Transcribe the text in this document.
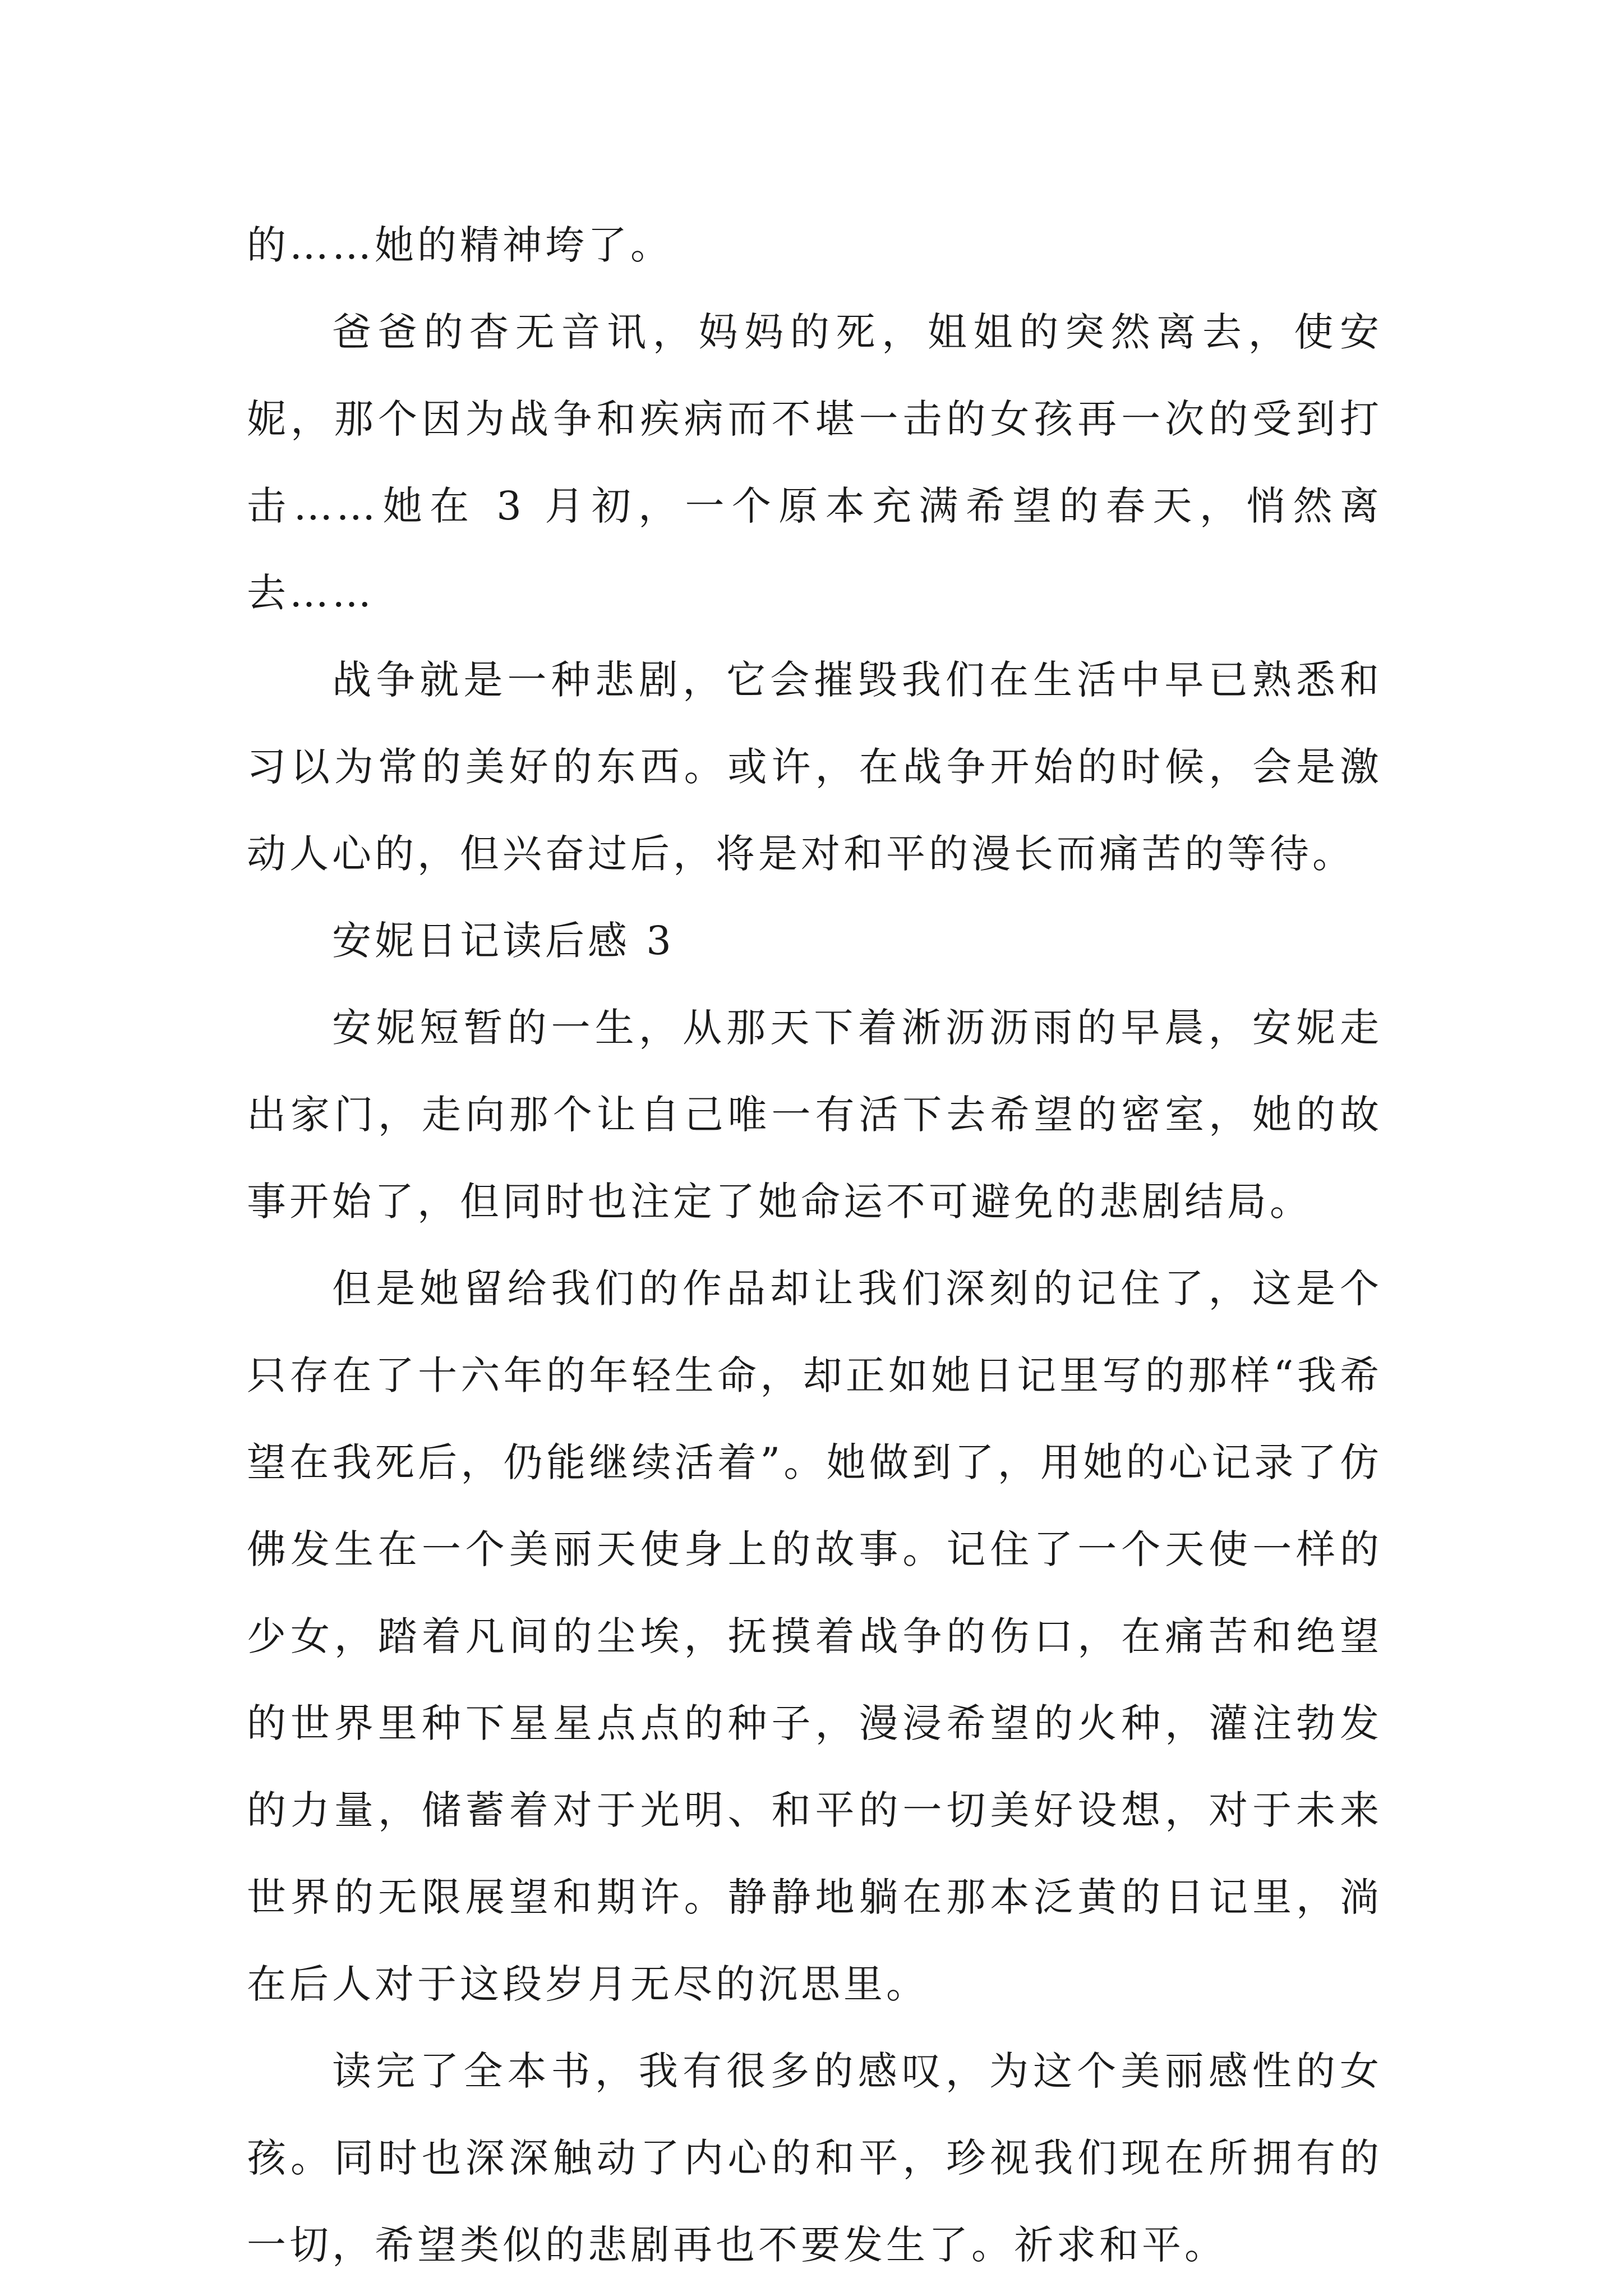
的……她的精神垮了。

爸爸的杳无音讯，妈妈的死，姐姐的突然离去，使安妮，那个因为战争和疾病而不堪一击的女孩再一次的受到打击……她在 3 月初，一个原本充满希望的春天，悄然离去……

战争就是一种悲剧，它会摧毁我们在生活中早已熟悉和习以为常的美好的东西。或许，在战争开始的时候，会是激动人心的，但兴奋过后，将是对和平的漫长而痛苦的等待。

安妮日记读后感 3

安妮短暂的一生，从那天下着淅沥沥雨的早晨，安妮走出家门，走向那个让自己唯一有活下去希望的密室，她的故事开始了，但同时也注定了她命运不可避免的悲剧结局。

但是她留给我们的作品却让我们深刻的记住了，这是个只存在了十六年的年轻生命，却正如她日记里写的那样“我希望在我死后，仍能继续活着”。她做到了，用她的心记录了仿佛发生在一个美丽天使身上的故事。记住了一个天使一样的少女，踏着凡间的尘埃，抚摸着战争的伤口，在痛苦和绝望的世界里种下星星点点的种子，漫浸希望的火种，灌注勃发的力量，储蓄着对于光明、和平的一切美好设想，对于未来世界的无限展望和期许。静静地躺在那本泛黄的日记里，淌在后人对于这段岁月无尽的沉思里。

读完了全本书，我有很多的感叹，为这个美丽感性的女孩。同时也深深触动了内心的和平，珍视我们现在所拥有的一切，希望类似的悲剧再也不要发生了。祈求和平。
